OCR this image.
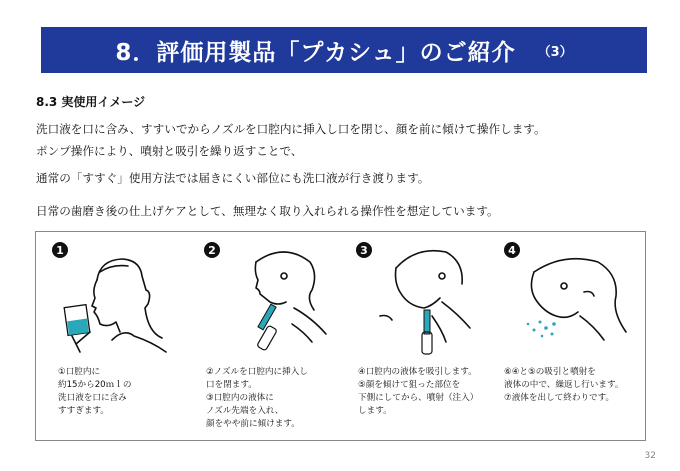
8．評価用製品「プカシュ」のご紹介 （3）
8.3 実使用イメージ
洗口液を口に含み、すすいでからノズルを口腔内に挿入し口を閉じ、顔を前に傾けて操作します。
ポンプ操作により、噴射と吸引を繰り返すことで、
通常の「すすぐ」使用方法では届きにくい部位にも洗口液が行き渡ります。
日常の歯磨き後の仕上げケアとして、無理なく取り入れられる操作性を想定しています。
1
①口腔内に
約15から20ｍｌの
洗口液を口に含み
すすぎます。
2
②ノズルを口腔内に挿入し
口を閉ます。
③口腔内の液体に
ノズル先端を入れ、
顔をやや前に傾けます。
3
④口腔内の液体を吸引します。
⑤顔を傾けて狙った部位を
下側にしてから、噴射（注入）
します。
4
⑥④と⑤の吸引と噴射を
液体の中で、繰返し行います。
⑦液体を出して終わりです。
32
